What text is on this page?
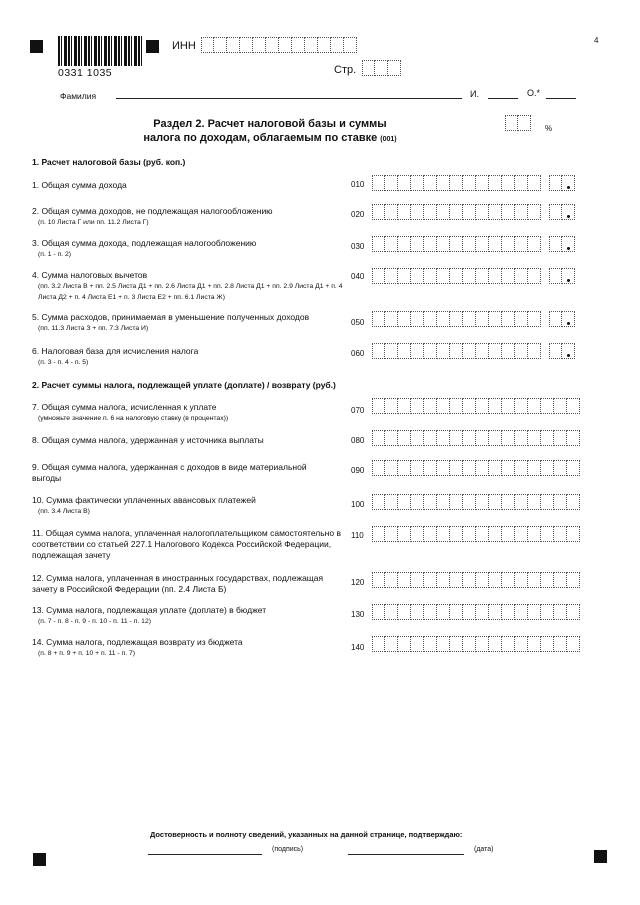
4
0331 1035
ИНН
Стр.
Фамилия	И.	О.*
Раздел 2. Расчет налоговой базы и суммы
налога по доходам, облагаемым по ставке (001)
%
1. Расчет налоговой базы (руб. коп.)
2. Расчет суммы налога, подлежащей уплате (доплате) / возврату (руб.)
1. Общая сумма дохода	010
2. Общая сумма доходов, не подлежащая налогообложению
(п. 10 Листа Г или пп. 11.2 Листа Г)
020
3. Общая сумма дохода, подлежащая налогообложению
(п. 1 - п. 2)
030
4. Сумма налоговых вычетов
(пп. 3.2 Листа В + пп. 2.5 Листа Д1 + пп. 2.6 Листа Д1 + пп. 2.8 Листа Д1 + пп. 2.9 Листа Д1 + п. 4 Листа Д2 + п. 4 Листа Е1 + п. 3 Листа Е2 + пп. 6.1 Листа Ж)
040
5. Сумма расходов, принимаемая в уменьшение полученных доходов
(пп. 11.3 Листа З + пп. 7.3 Листа И)
050
6. Налоговая база для исчисления налога
(п. 3 - п. 4 - п. 5)
060
7. Общая сумма налога, исчисленная к уплате
(умножьте значение п. 6 на налоговую ставку (в процентах))
070
8. Общая сумма налога, удержанная у источника выплаты	080
9. Общая сумма налога, удержанная с доходов в виде материальной выгоды
090
10. Сумма фактически уплаченных авансовых платежей
(пп. 3.4 Листа В)
100
11. Общая сумма налога, уплаченная налогоплательщиком самостоятельно в соответствии со статьей 227.1 Налогового Кодекса Российской Федерации, подлежащая зачету
110
12. Сумма налога, уплаченная в иностранных государствах, подлежащая зачету в Российской Федерации (пп. 2.4 Листа Б)
120
13. Сумма налога, подлежащая уплате (доплате) в бюджет
(п. 7 - п. 8 - п. 9 - п. 10 - п. 11 - п. 12)
130
14. Сумма налога, подлежащая возврату из бюджета
(п. 8 + п. 9 + п. 10 + п. 11 - п. 7)
140
Достоверность и полноту сведений, указанных на данной странице, подтверждаю:
(подпись)	(дата)
